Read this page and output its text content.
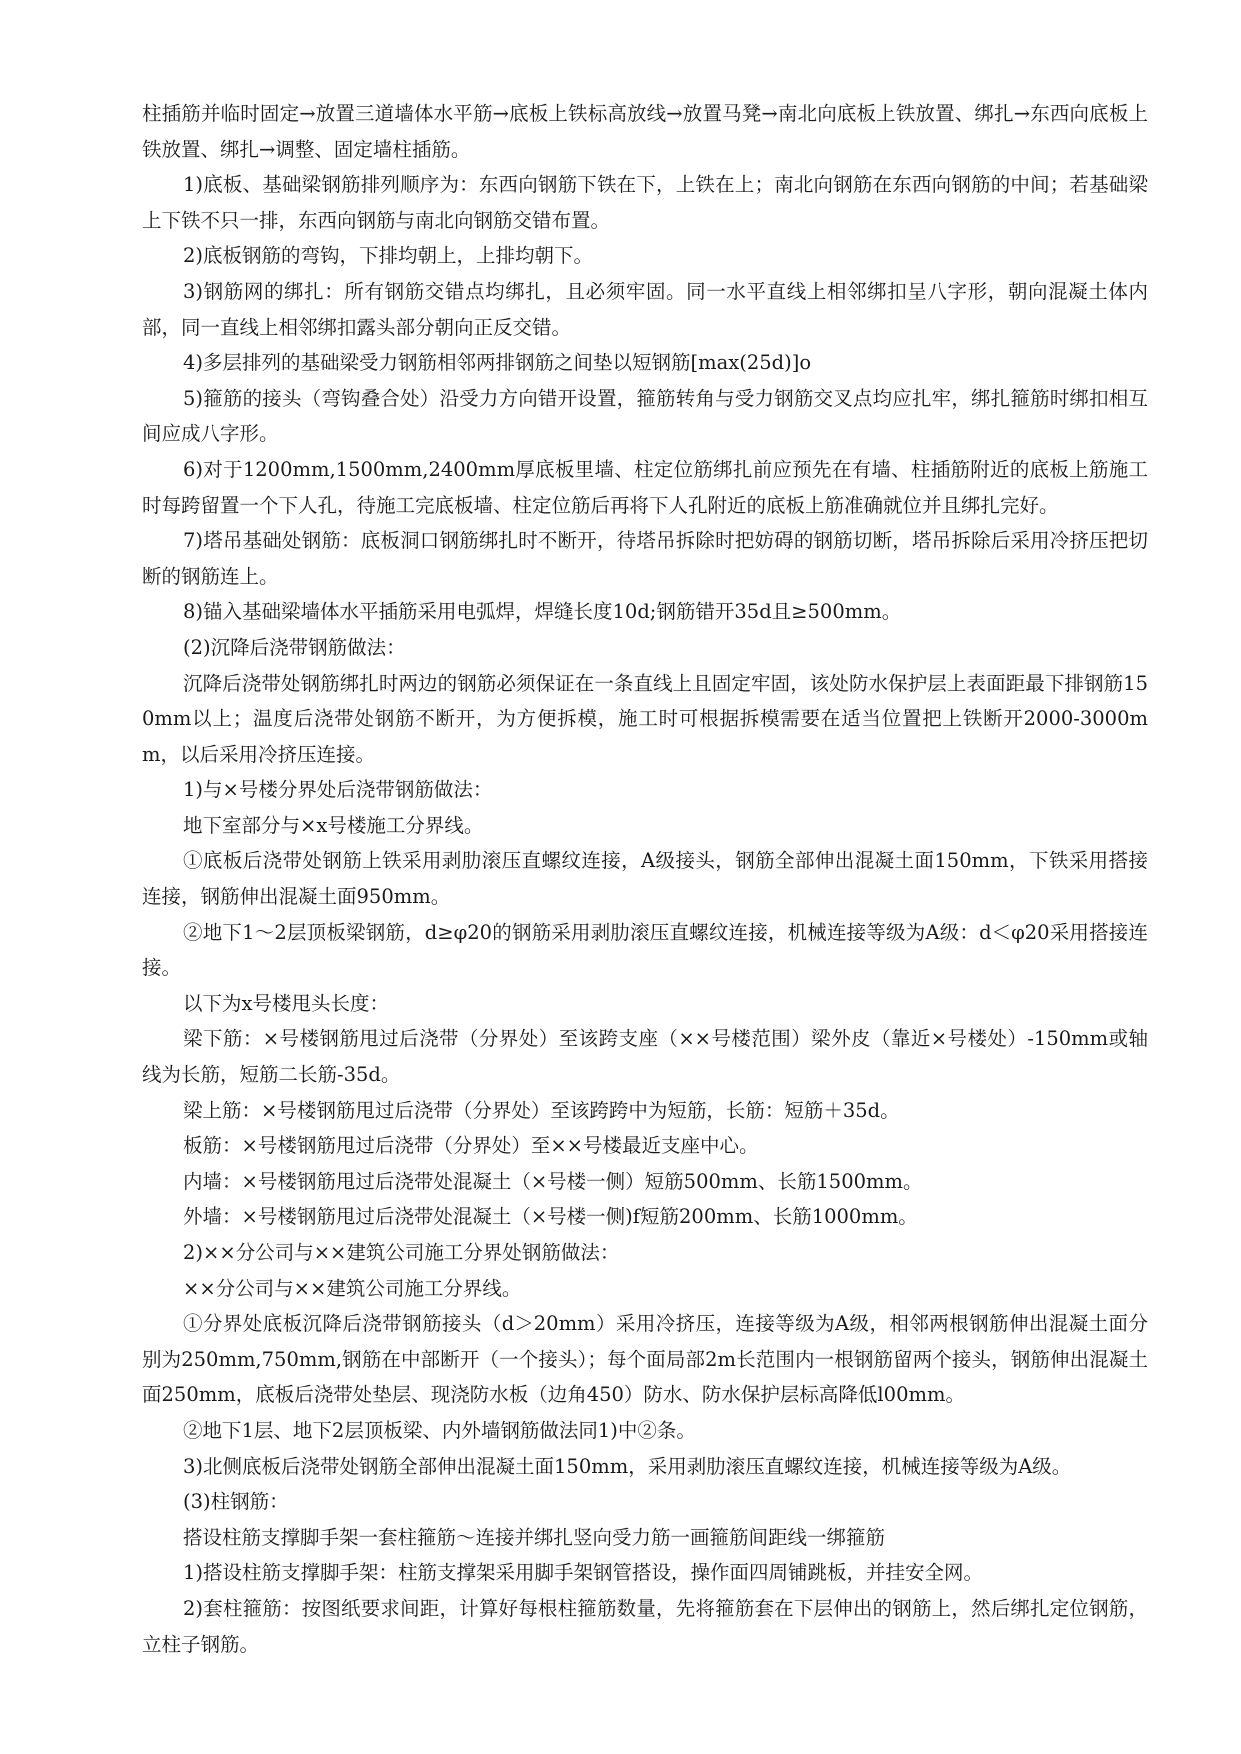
柱插筋并临时固定→放置三道墙体水平筋→底板上铁标高放线→放置马凳→南北向底板上铁放置、绑扎→东西向底板上铁放置、绑扎→调整、固定墙柱插筋。

1)底板、基础梁钢筋排列顺序为：东西向钢筋下铁在下，上铁在上；南北向钢筋在东西向钢筋的中间；若基础梁上下铁不只一排，东西向钢筋与南北向钢筋交错布置。

2)底板钢筋的弯钩，下排均朝上，上排均朝下。

3)钢筋网的绑扎：所有钢筋交错点均绑扎，且必须牢固。同一水平直线上相邻绑扣呈八字形，朝向混凝土体内部，同一直线上相邻绑扣露头部分朝向正反交错。

4)多层排列的基础梁受力钢筋相邻两排钢筋之间垫以短钢筋[max(25d)]o

5)箍筋的接头（弯钩叠合处）沿受力方向错开设置，箍筋转角与受力钢筋交叉点均应扎牢，绑扎箍筋时绑扣相互间应成八字形。

6)对于1200mm,1500mm,2400mm厚底板里墙、柱定位筋绑扎前应预先在有墙、柱插筋附近的底板上筋施工时每跨留置一个下人孔，待施工完底板墙、柱定位筋后再将下人孔附近的底板上筋准确就位并且绑扎完好。

7)塔吊基础处钢筋：底板洞口钢筋绑扎时不断开，待塔吊拆除时把妨碍的钢筋切断，塔吊拆除后采用冷挤压把切断的钢筋连上。

8)锚入基础梁墙体水平插筋采用电弧焊，焊缝长度10d;钢筋错开35d且≥500mm。

(2)沉降后浇带钢筋做法：

沉降后浇带处钢筋绑扎时两边的钢筋必须保证在一条直线上且固定牢固，该处防水保护层上表面距最下排钢筋150mm以上；温度后浇带处钢筋不断开，为方便拆模，施工时可根据拆模需要在适当位置把上铁断开2000-3000mm，以后采用冷挤压连接。

1)与×号楼分界处后浇带钢筋做法：

地下室部分与×x号楼施工分界线。

①底板后浇带处钢筋上铁采用剥肋滚压直螺纹连接，A级接头，钢筋全部伸出混凝土面150mm，下铁采用搭接连接，钢筋伸出混凝土面950mm。

②地下1～2层顶板梁钢筋，d≥φ20的钢筋采用剥肋滚压直螺纹连接，机械连接等级为A级：d＜φ20采用搭接连接。

以下为x号楼甩头长度：

梁下筋：×号楼钢筋甩过后浇带（分界处）至该跨支座（××号楼范围）梁外皮（靠近×号楼处）-150mm或轴线为长筋，短筋二长筋-35d。

梁上筋：×号楼钢筋甩过后浇带（分界处）至该跨跨中为短筋，长筋：短筋＋35d。

板筋：×号楼钢筋甩过后浇带（分界处）至××号楼最近支座中心。

内墙：×号楼钢筋甩过后浇带处混凝土（×号楼一侧）短筋500mm、长筋1500mm。

外墙：×号楼钢筋甩过后浇带处混凝土（×号楼一侧)f短筋200mm、长筋1000mm。

2)××分公司与××建筑公司施工分界处钢筋做法：

××分公司与××建筑公司施工分界线。

①分界处底板沉降后浇带钢筋接头（d＞20mm）采用冷挤压，连接等级为A级，相邻两根钢筋伸出混凝土面分别为250mm,750mm,钢筋在中部断开（一个接头）；每个面局部2m长范围内一根钢筋留两个接头，钢筋伸出混凝土面250mm，底板后浇带处垫层、现浇防水板（边角450）防水、防水保护层标高降低l00mm。

②地下1层、地下2层顶板梁、内外墙钢筋做法同1)中②条。

3)北侧底板后浇带处钢筋全部伸出混凝土面150mm，采用剥肋滚压直螺纹连接，机械连接等级为A级。

(3)柱钢筋：

搭设柱筋支撑脚手架一套柱箍筋～连接并绑扎竖向受力筋一画箍筋间距线一绑箍筋

1)搭设柱筋支撑脚手架：柱筋支撑架采用脚手架钢管搭设，操作面四周铺跳板，并挂安全网。

2)套柱箍筋：按图纸要求间距，计算好每根柱箍筋数量，先将箍筋套在下层伸出的钢筋上，然后绑扎定位钢筋，立柱子钢筋。
